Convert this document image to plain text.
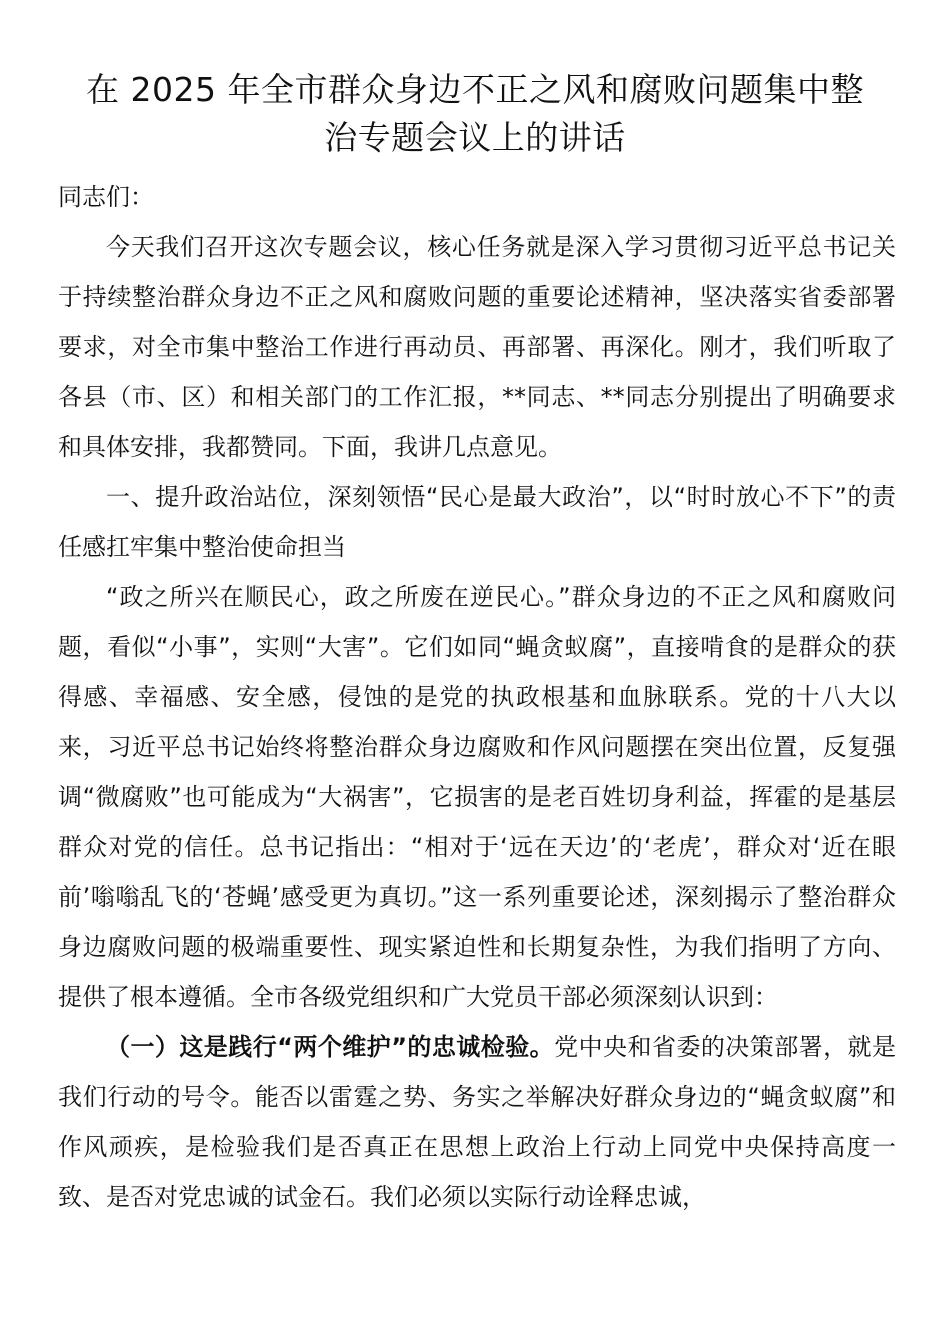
在 2025 年全市群众身边不正之风和腐败问题集中整
治专题会议上的讲话

同志们：

今天我们召开这次专题会议，核心任务就是深入学习贯彻习近平总书记关于持续整治群众身边不正之风和腐败问题的重要论述精神，坚决落实省委部署要求，对全市集中整治工作进行再动员、再部署、再深化。刚才，我们听取了各县（市、区）和相关部门的工作汇报，**同志、**同志分别提出了明确要求和具体安排，我都赞同。下面，我讲几点意见。

一、提升政治站位，深刻领悟“民心是最大政治”，以“时时放心不下”的责任感扛牢集中整治使命担当

“政之所兴在顺民心，政之所废在逆民心。”群众身边的不正之风和腐败问题，看似“小事”，实则“大害”。它们如同“蝇贪蚁腐”，直接啃食的是群众的获得感、幸福感、安全感，侵蚀的是党的执政根基和血脉联系。党的十八大以来，习近平总书记始终将整治群众身边腐败和作风问题摆在突出位置，反复强调“微腐败”也可能成为“大祸害”，它损害的是老百姓切身利益，挥霍的是基层群众对党的信任。总书记指出：“相对于‘远在天边’的‘老虎’，群众对‘近在眼前’嗡嗡乱飞的‘苍蝇’感受更为真切。”这一系列重要论述，深刻揭示了整治群众身边腐败问题的极端重要性、现实紧迫性和长期复杂性，为我们指明了方向、提供了根本遵循。全市各级党组织和广大党员干部必须深刻认识到：

（一）这是践行“两个维护”的忠诚检验。党中央和省委的决策部署，就是我们行动的号令。能否以雷霆之势、务实之举解决好群众身边的“蝇贪蚁腐”和作风顽疾，是检验我们是否真正在思想上政治上行动上同党中央保持高度一致、是否对党忠诚的试金石。我们必须以实际行动诠释忠诚，
